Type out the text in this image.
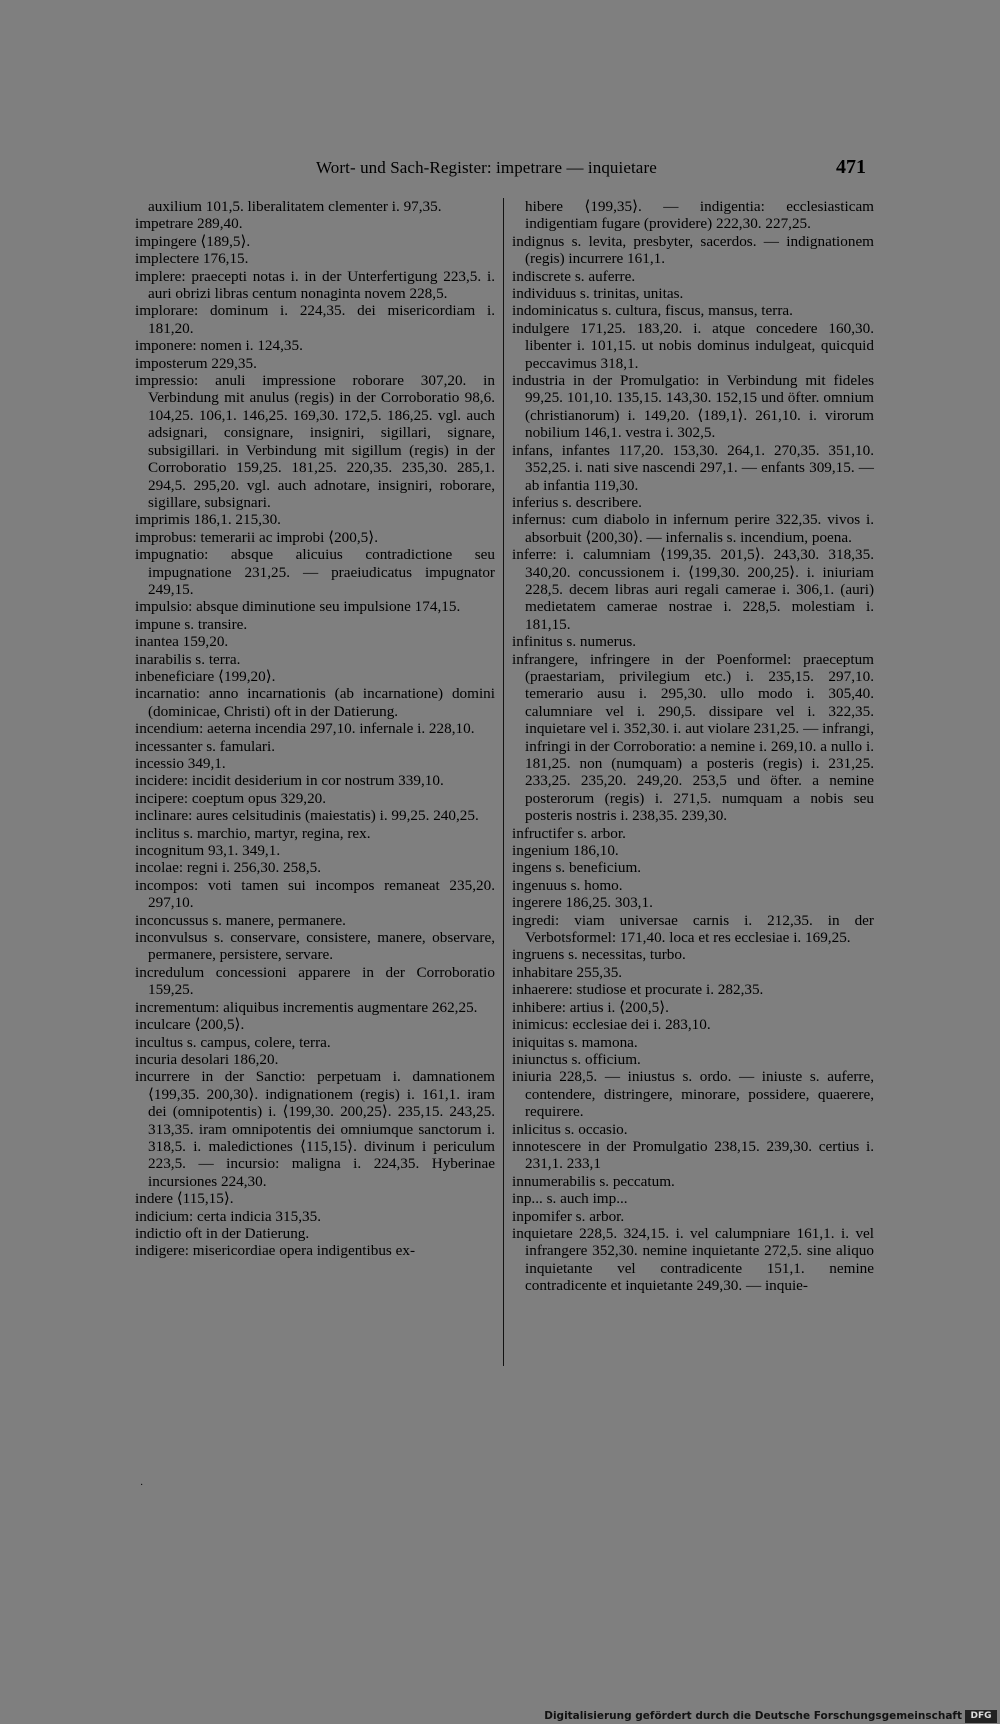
Wort- und Sach-Register: impetrare — inquietare	471

auxilium 101,5. liberalitatem clementer i. 97,35.

impetrare 289,40.

impingere ⟨189,5⟩.

implectere 176,15.

implere: praecepti notas i. in der Unterfertigung 223,5. i. auri obrizi libras centum nonaginta novem 228,5.

implorare: dominum i. 224,35. dei misericordiam i. 181,20.

imponere: nomen i. 124,35.

imposterum 229,35.

impressio: anuli impressione roborare 307,20. in Verbindung mit anulus (regis) in der Corroboratio 98,6. 104,25. 106,1. 146,25. 169,30. 172,5. 186,25. vgl. auch adsignari, consignare, insigniri, sigillari, signare, subsigillari. in Verbindung mit sigillum (regis) in der Corroboratio 159,25. 181,25. 220,35. 235,30. 285,1. 294,5. 295,20. vgl. auch adnotare, insigniri, roborare, sigillare, subsignari.

imprimis 186,1. 215,30.

improbus: temerarii ac improbi ⟨200,5⟩.

impugnatio: absque alicuius contradictione seu impugnatione 231,25. — praeiudicatus impugnator 249,15.

impulsio: absque diminutione seu impulsione 174,15.

impune s. transire.

inantea 159,20.

inarabilis s. terra.

inbeneficiare ⟨199,20⟩.

incarnatio: anno incarnationis (ab incarnatione) domini (dominicae, Christi) oft in der Datierung.

incendium: aeterna incendia 297,10. infernale i. 228,10.

incessanter s. famulari.

incessio 349,1.

incidere: incidit desiderium in cor nostrum 339,10.

incipere: coeptum opus 329,20.

inclinare: aures celsitudinis (maiestatis) i. 99,25. 240,25.

inclitus s. marchio, martyr, regina, rex.

incognitum 93,1. 349,1.

incolae: regni i. 256,30. 258,5.

incompos: voti tamen sui incompos remaneat 235,20. 297,10.

inconcussus s. manere, permanere.

inconvulsus s. conservare, consistere, manere, observare, permanere, persistere, servare.

incredulum concessioni apparere in der Corroboratio 159,25.

incrementum: aliquibus incrementis augmentare 262,25.

inculcare ⟨200,5⟩.

incultus s. campus, colere, terra.

incuria desolari 186,20.

incurrere in der Sanctio: perpetuam i. damnationem ⟨199,35. 200,30⟩. indignationem (regis) i. 161,1. iram dei (omnipotentis) i. ⟨199,30. 200,25⟩. 235,15. 243,25. 313,35. iram omnipotentis dei omniumque sanctorum i. 318,5. i. maledictiones ⟨115,15⟩. divinum i periculum 223,5. — incursio: maligna i. 224,35. Hyberinae incursiones 224,30.

indere ⟨115,15⟩.

indicium: certa indicia 315,35.

indictio oft in der Datierung.

indigere: misericordiae opera indigentibus ex-

hibere ⟨199,35⟩. — indigentia: ecclesiasticam indigentiam fugare (providere) 222,30. 227,25.

indignus s. levita, presbyter, sacerdos. — indignationem (regis) incurrere 161,1.

indiscrete s. auferre.

individuus s. trinitas, unitas.

indominicatus s. cultura, fiscus, mansus, terra.

indulgere 171,25. 183,20. i. atque concedere 160,30. libenter i. 101,15. ut nobis dominus indulgeat, quicquid peccavimus 318,1.

industria in der Promulgatio: in Verbindung mit fideles 99,25. 101,10. 135,15. 143,30. 152,15 und öfter. omnium (christianorum) i. 149,20. ⟨189,1⟩. 261,10. i. virorum nobilium 146,1. vestra i. 302,5.

infans, infantes 117,20. 153,30. 264,1. 270,35. 351,10. 352,25. i. nati sive nascendi 297,1. — enfants 309,15. — ab infantia 119,30.

inferius s. describere.

infernus: cum diabolo in infernum perire 322,35. vivos i. absorbuit ⟨200,30⟩. — infernalis s. incendium, poena.

inferre: i. calumniam ⟨199,35. 201,5⟩. 243,30. 318,35. 340,20. concussionem i. ⟨199,30. 200,25⟩. i. iniuriam 228,5. decem libras auri regali camerae i. 306,1. (auri) medietatem camerae nostrae i. 228,5. molestiam i. 181,15.

infinitus s. numerus.

infrangere, infringere in der Poenformel: praeceptum (praestariam, privilegium etc.) i. 235,15. 297,10. temerario ausu i. 295,30. ullo modo i. 305,40. calumniare vel i. 290,5. dissipare vel i. 322,35. inquietare vel i. 352,30. i. aut violare 231,25. — infrangi, infringi in der Corroboratio: a nemine i. 269,10. a nullo i. 181,25. non (numquam) a posteris (regis) i. 231,25. 233,25. 235,20. 249,20. 253,5 und öfter. a nemine posterorum (regis) i. 271,5. numquam a nobis seu posteris nostris i. 238,35. 239,30.

infructifer s. arbor.

ingenium 186,10.

ingens s. beneficium.

ingenuus s. homo.

ingerere 186,25. 303,1.

ingredi: viam universae carnis i. 212,35. in der Verbotsformel: 171,40. loca et res ecclesiae i. 169,25.

ingruens s. necessitas, turbo.

inhabitare 255,35.

inhaerere: studiose et procurate i. 282,35.

inhibere: artius i. ⟨200,5⟩.

inimicus: ecclesiae dei i. 283,10.

iniquitas s. mamona.

iniunctus s. officium.

iniuria 228,5. — iniustus s. ordo. — iniuste s. auferre, contendere, distringere, minorare, possidere, quaerere, requirere.

inlicitus s. occasio.

innotescere in der Promulgatio 238,15. 239,30. certius i. 231,1. 233,1

innumerabilis s. peccatum.

inp... s. auch imp...

inpomifer s. arbor.

inquietare 228,5. 324,15. i. vel calumpniare 161,1. i. vel infrangere 352,30. nemine inquietante 272,5. sine aliquo inquietante vel contradicente 151,1. nemine contradicente et inquietante 249,30. — inquie-

·
Digitalisierung gefördert durch die Deutsche Forschungsgemeinschaft DFG
